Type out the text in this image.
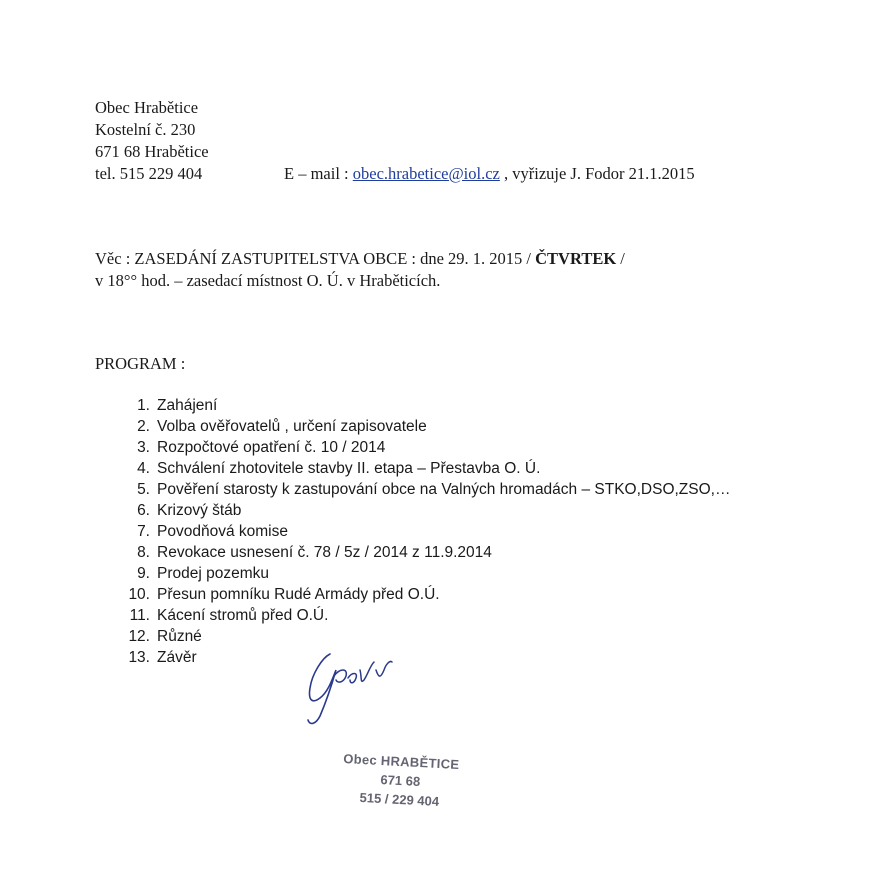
Obec Hrabětice
Kostelní č. 230
671 68 Hrabětice
tel. 515 229 404	E – mail : obec.hrabetice@iol.cz , vyřizuje J. Fodor 21.1.2015
Věc : ZASEDÁNÍ ZASTUPITELSTVA OBCE : dne 29. 1. 2015 / ČTVRTEK /
v 18°° hod. – zasedací místnost O. Ú. v Hraběticích.
PROGRAM :
1. Zahájení
2. Volba ověřovatelů , určení zapisovatele
3. Rozpočtové opatření č. 10 / 2014
4. Schválení zhotovitele stavby II. etapa – Přestavba O. Ú.
5. Pověření starosty k zastupování obce na Valných hromadách – STKO,DSO,ZSO,…
6. Krizový štáb
7. Povodňová komise
8. Revokace usnesení č. 78 / 5z / 2014 z 11.9.2014
9. Prodej pozemku
10. Přesun pomníku Rudé Armády před O.Ú.
11. Kácení stromů před O.Ú.
12. Různé
13. Závěr
Obec HRABĚTICE
671 68
515 / 229 404
